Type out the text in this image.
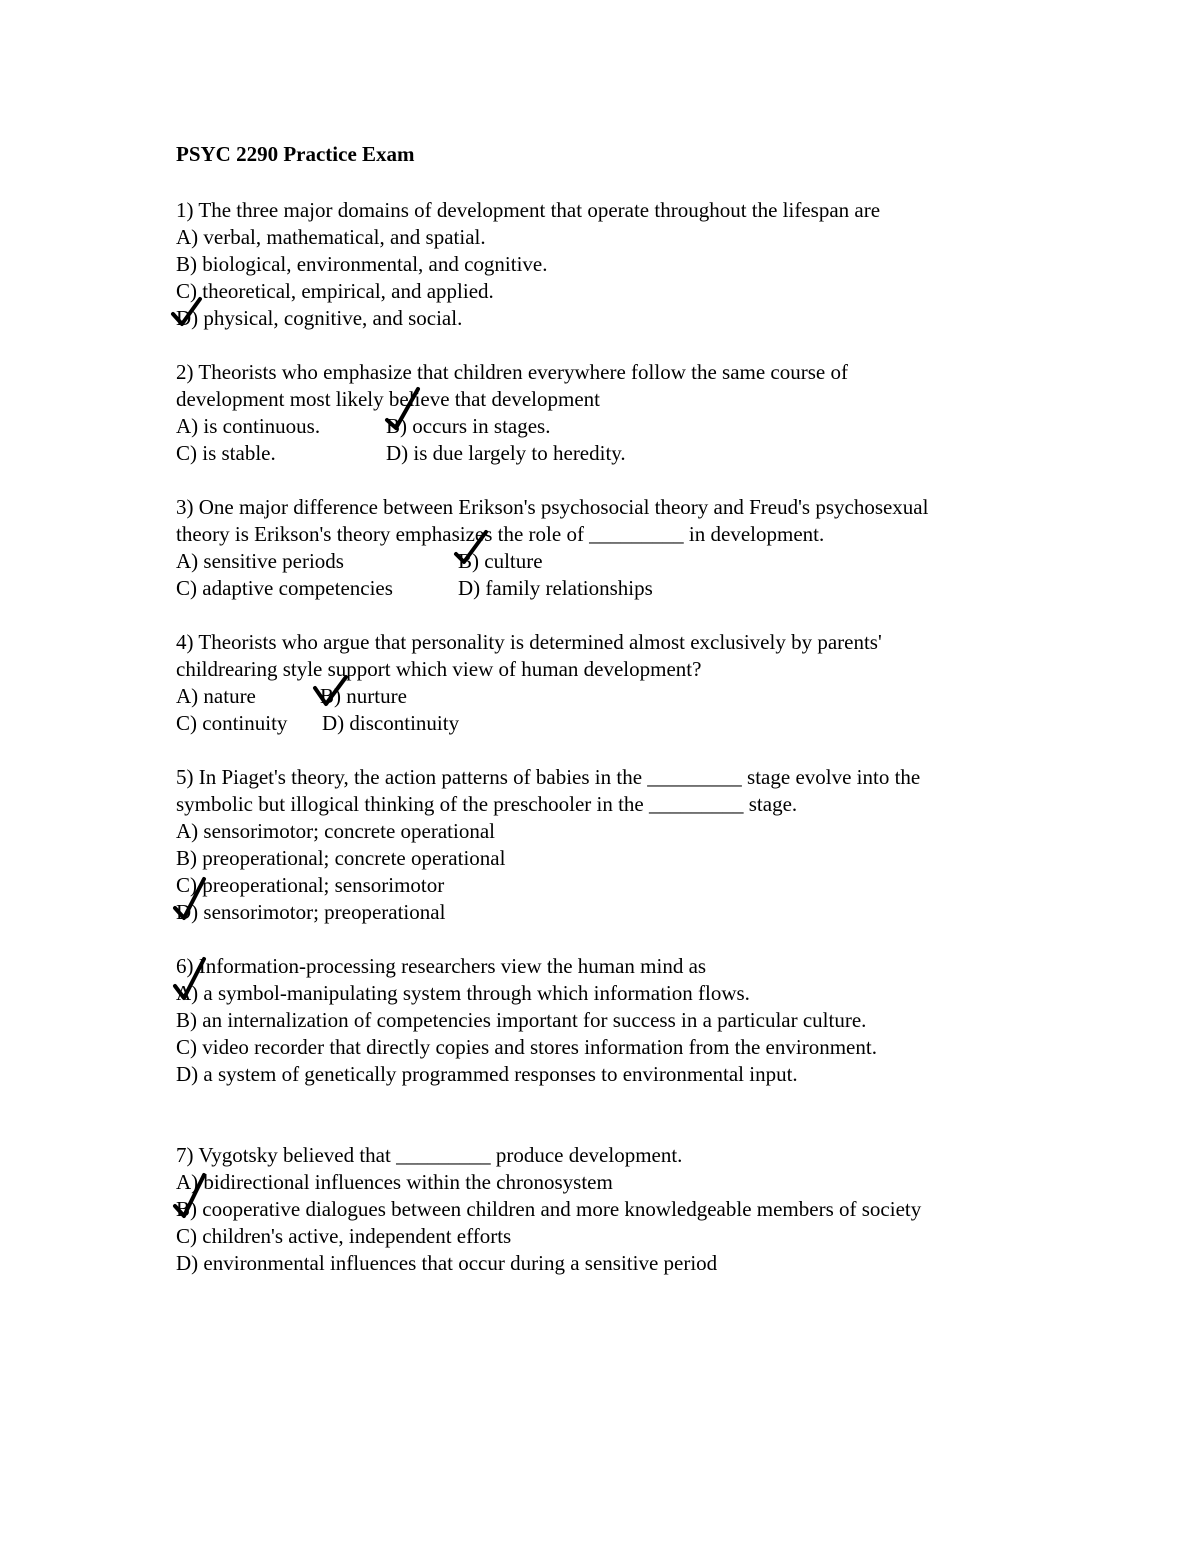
PSYC 2290 Practice Exam
1) The three major domains of development that operate throughout the lifespan are
A) verbal, mathematical, and spatial.
B) biological, environmental, and cognitive.
C) theoretical, empirical, and applied.
D) physical, cognitive, and social.
2) Theorists who emphasize that children everywhere follow the same course of
development most likely believe that development
A) is continuous.	B) occurs in stages.
C) is stable.	D) is due largely to heredity.
3) One major difference between Erikson's psychosocial theory and Freud's psychosexual
theory is Erikson's theory emphasizes the role of _________ in development.
A) sensitive periods	B) culture
C) adaptive competencies	D) family relationships
4) Theorists who argue that personality is determined almost exclusively by parents'
childrearing style support which view of human development?
A) nature	B) nurture
C) continuity D) discontinuity
5) In Piaget's theory, the action patterns of babies in the _________ stage evolve into the
symbolic but illogical thinking of the preschooler in the _________ stage.
A) sensorimotor; concrete operational
B) preoperational; concrete operational
C) preoperational; sensorimotor
D) sensorimotor; preoperational
6) Information-processing researchers view the human mind as
A) a symbol-manipulating system through which information flows.
B) an internalization of competencies important for success in a particular culture.
C) video recorder that directly copies and stores information from the environment.
D) a system of genetically programmed responses to environmental input.
7) Vygotsky believed that _________ produce development.
A) bidirectional influences within the chronosystem
B) cooperative dialogues between children and more knowledgeable members of society
C) children's active, independent efforts
D) environmental influences that occur during a sensitive period
